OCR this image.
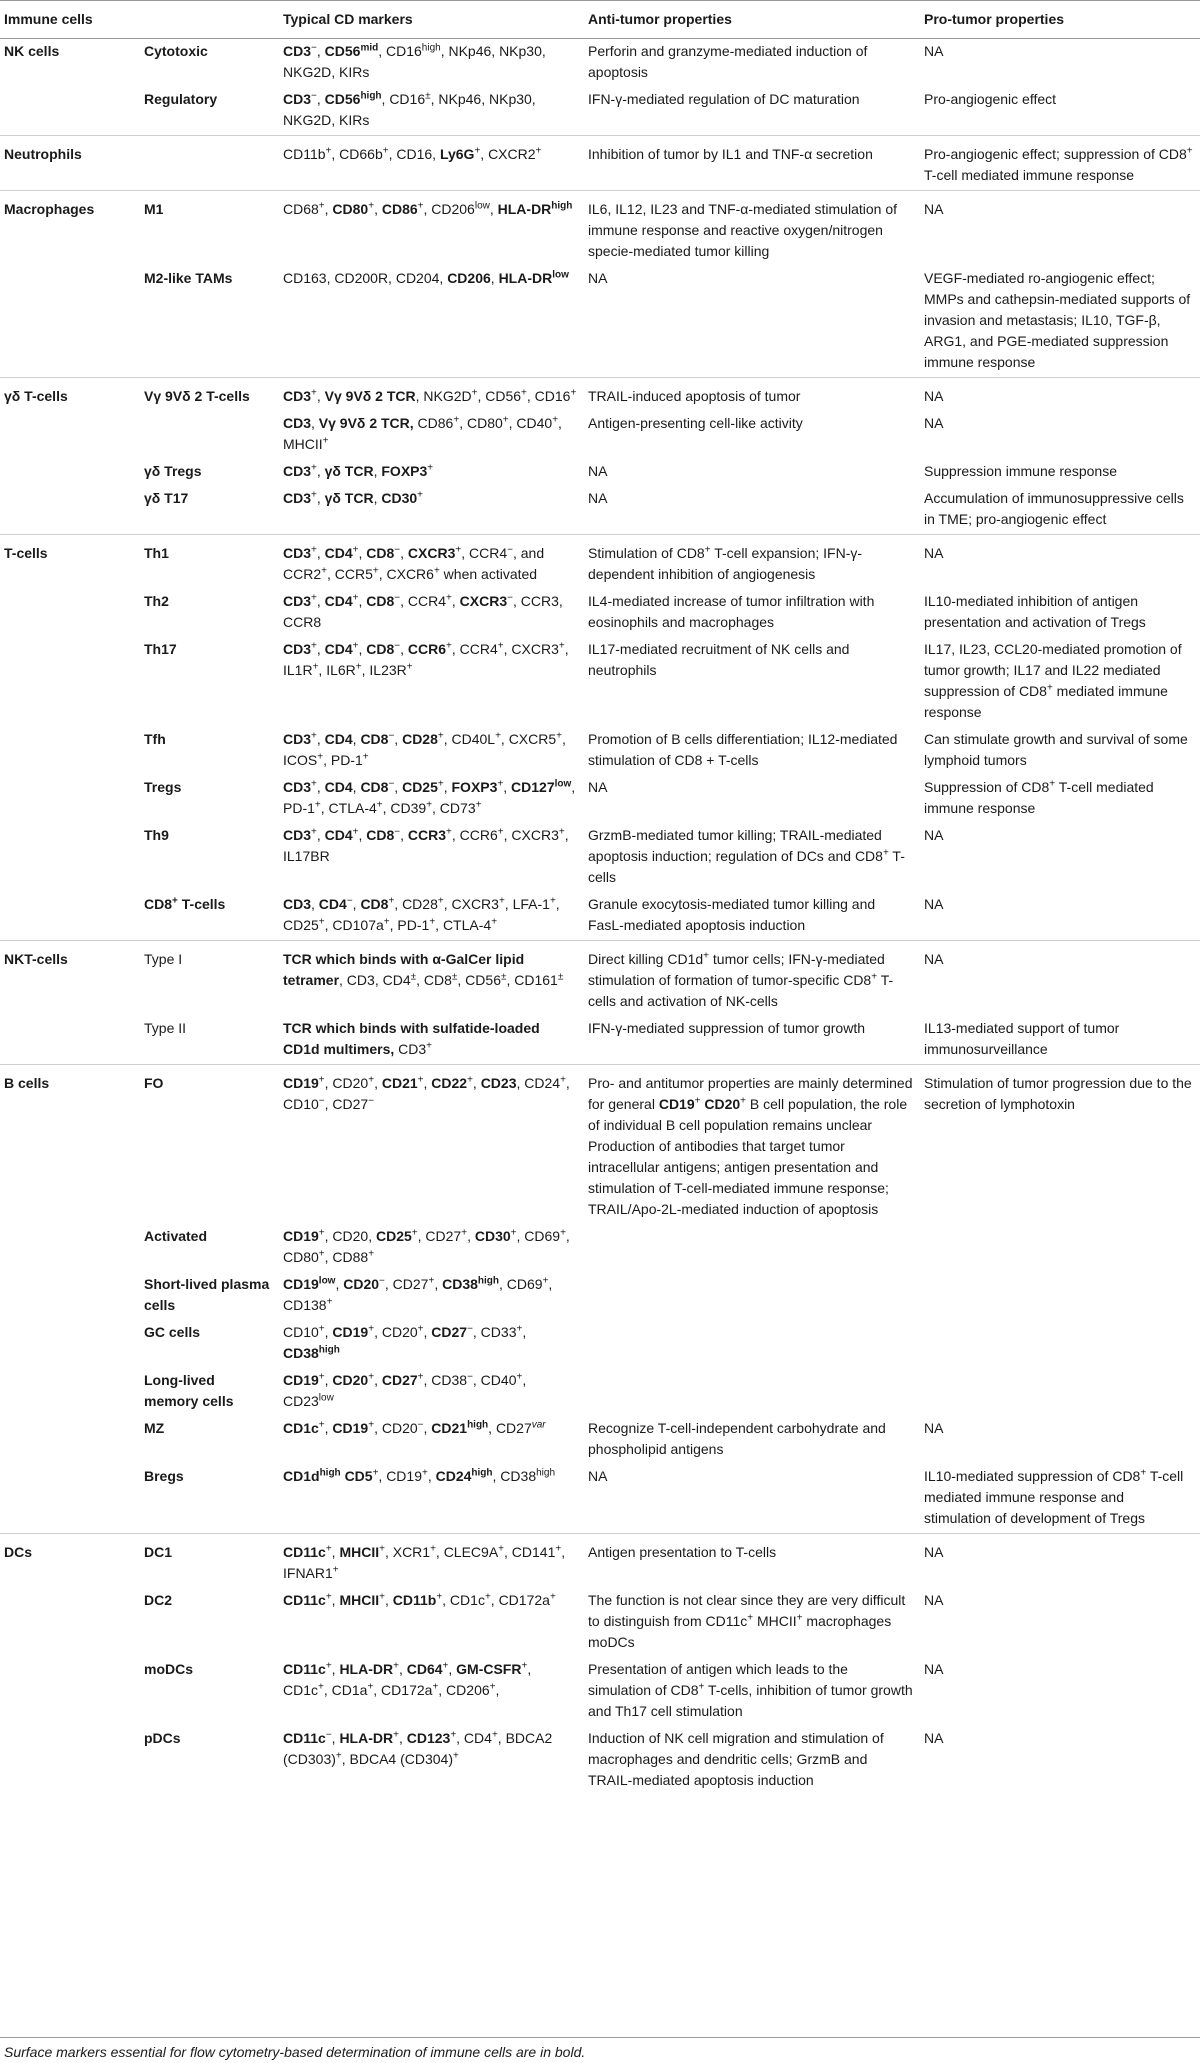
Immune cells		Typical CD markers	Anti-tumor properties	Pro-tumor properties
NK cells	Cytotoxic	CD3−, $CD56^{mid}$, $CD16^{high}$, NKp46, NKp30, NKG2D, KIRs	Perforin and granzyme-mediated induction of apoptosis	NA
	Regulatory	CD3−, $CD56^{high}$, CD16±, NKp46, NKp30, NKG2D, KIRs	IFN-γ-mediated regulation of DC maturation	Pro-angiogenic effect
Neutrophils		CD11b+, CD66b+, CD16, Ly6G+, CXCR2+	Inhibition of tumor by IL1 and TNF-α secretion	Pro-angiogenic effect; suppression of CD8+ T-cell mediated immune response
Macrophages	M1	CD68+, CD80+, CD86+, $CD206^{low}$, HLA-$DR^{high}$	IL6, IL12, IL23 and TNF-α-mediated stimulation of immune response and reactive oxygen/nitrogen specie-mediated tumor killing	NA
	M2-like TAMs	CD163, CD200R, CD204, CD206, HLA-$DR^{low}$	NA	VEGF-mediated ro-angiogenic effect; MMPs and cathepsin-mediated supports of invasion and metastasis; IL10, TGF-β, ARG1, and PGE-mediated suppression immune response
γδ T-cells	Vγ 9Vδ 2 T-cells	CD3+, Vγ 9Vδ 2 TCR, NKG2D+, CD56+, CD16+	TRAIL-induced apoptosis of tumor	NA
		CD3, Vγ 9Vδ 2 TCR, CD86+, CD80+, CD40+, MHCII+	Antigen-presenting cell-like activity	NA
	γδ Tregs	CD3+, γδ TCR, FOXP3+	NA	Suppression immune response
	γδ T17	CD3+, γδ TCR, CD30+	NA	Accumulation of immunosuppressive cells in TME; pro-angiogenic effect
T-cells	Th1	CD3+, CD4+, CD8−, CXCR3+, CCR4−, and CCR2+, CCR5+, CXCR6+ when activated	Stimulation of CD8+ T-cell expansion; IFN-γ-dependent inhibition of angiogenesis	NA
	Th2	CD3+, CD4+, CD8−, CCR4+, CXCR3−, CCR3, CCR8	IL4-mediated increase of tumor infiltration with eosinophils and macrophages	IL10-mediated inhibition of antigen presentation and activation of Tregs
	Th17	CD3+, CD4+, CD8−, CCR6+, CCR4+, CXCR3+, IL1R+, IL6R+, IL23R+	IL17-mediated recruitment of NK cells and neutrophils	IL17, IL23, CCL20-mediated promotion of tumor growth; IL17 and IL22 mediated suppression of CD8+ mediated immune response
	Tfh	CD3+, CD4, CD8−, CD28+, CD40L+, CXCR5+, ICOS+, PD-1+	Promotion of B cells differentiation; IL12-mediated stimulation of CD8 + T-cells	Can stimulate growth and survival of some lymphoid tumors
	Tregs	CD3+, CD4, CD8−, CD25+, FOXP3+, $CD127^{low}$, PD-1+, CTLA-4+, CD39+, CD73+	NA	Suppression of CD8+ T-cell mediated immune response
	Th9	CD3+, CD4+, CD8−, CCR3+, CCR6+, CXCR3+, IL17BR	GrzmB-mediated tumor killing; TRAIL-mediated apoptosis induction; regulation of DCs and CD8+ T-cells	NA
	CD8+ T-cells	CD3, CD4−, CD8+, CD28+, CXCR3+, LFA-1+, CD25+, CD107a+, PD-1+, CTLA-4+	Granule exocytosis-mediated tumor killing and FasL-mediated apoptosis induction	NA
NKT-cells	Type I	TCR which binds with α-GalCer lipid tetramer, CD3, CD4±, CD8±, CD56±, CD161±	Direct killing CD1d+ tumor cells; IFN-γ-mediated stimulation of formation of tumor-specific CD8+ T-cells and activation of NK-cells	NA
	Type II	TCR which binds with sulfatide-loaded CD1d multimers, CD3+	IFN-γ-mediated suppression of tumor growth	IL13-mediated support of tumor immunosurveillance
B cells	FO	CD19+, CD20+, CD21+, CD22+, CD23, CD24+, CD10−, CD27−	Pro- and antitumor properties are mainly determined for general CD19+ CD20+ B cell population, the role of individual B cell population remains unclear Production of antibodies that target tumor intracellular antigens; antigen presentation and stimulation of T-cell-mediated immune response; TRAIL/Apo-2L-mediated induction of apoptosis	Stimulation of tumor progression due to the secretion of lymphotoxin
	Activated	CD19+, CD20, CD25+, CD27+, CD30+, CD69+, CD80+, CD88+		
	Short-lived plasma cells	$CD19^{low}$, CD20−, CD27+, $CD38^{high}$, CD69+, CD138+		
	GC cells	CD10+, CD19+, CD20+, CD27−, CD33+, $CD38^{high}$		
	Long-lived memory cells	CD19+, CD20+, CD27+, CD38−, CD40+, $CD23^{low}$		
	MZ	CD1c+, CD19+, CD20−, $CD21^{high}$, $CD27^{var}$	Recognize T-cell-independent carbohydrate and phospholipid antigens	NA
	Bregs	$CD1d^{high}$ CD5+, CD19+, $CD24^{high}$, $CD38^{high}$	NA	IL10-mediated suppression of CD8+ T-cell mediated immune response and stimulation of development of Tregs
DCs	DC1	CD11c+, MHCII+, XCR1+, CLEC9A+, CD141+, IFNAR1+	Antigen presentation to T-cells	NA
	DC2	CD11c+, MHCII+, CD11b+, CD1c+, CD172a+	The function is not clear since they are very difficult to distinguish from CD11c+ MHCII+ macrophages moDCs	NA
	moDCs	CD11c+, HLA-DR+, CD64+, GM-CSFR+, CD1c+, CD1a+, CD172a+, CD206+,	Presentation of antigen which leads to the simulation of CD8+ T-cells, inhibition of tumor growth and Th17 cell stimulation	NA
	pDCs	CD11c−, HLA-DR+, CD123+, CD4+, BDCA2 (CD303)+, BDCA4 (CD304)+	Induction of NK cell migration and stimulation of macrophages and dendritic cells; GrzmB and TRAIL-mediated apoptosis induction	NA
Surface markers essential for flow cytometry-based determination of immune cells are in bold.
